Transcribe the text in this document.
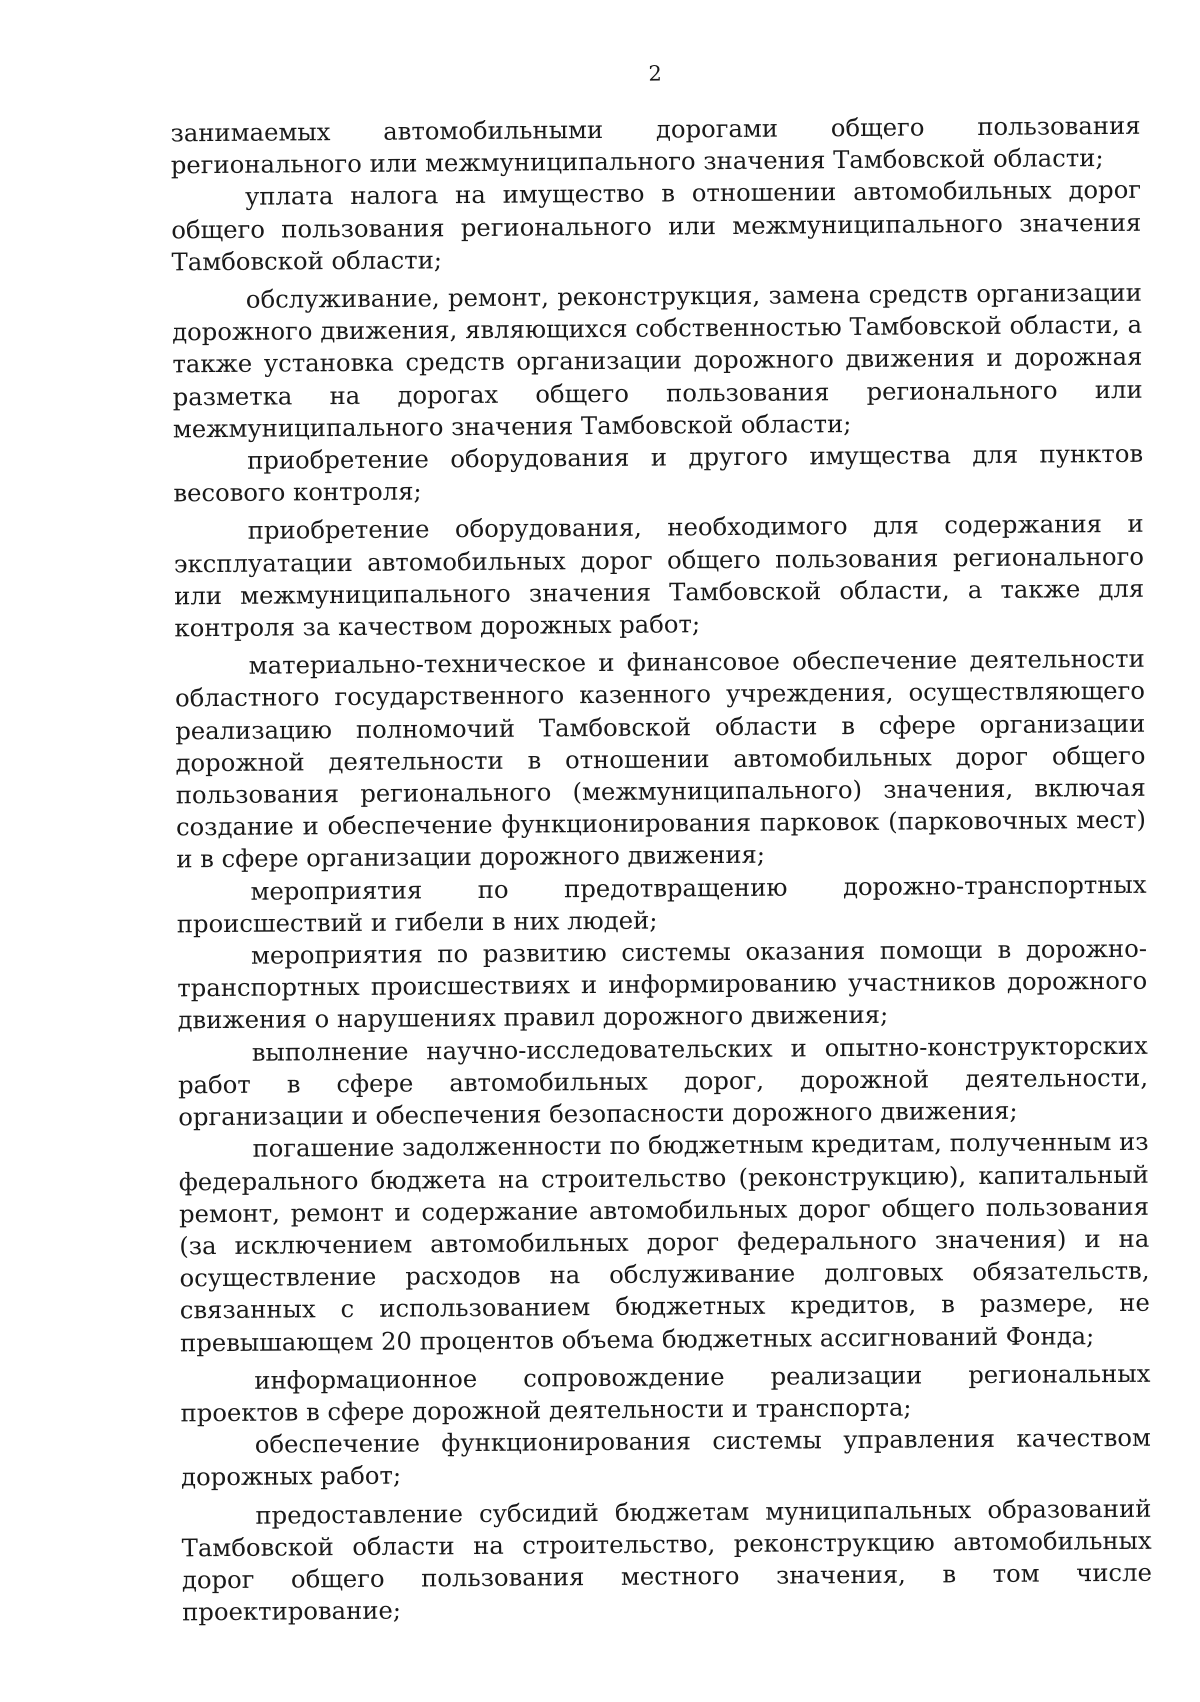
2

занимаемых автомобильными дорогами общего пользования регионального или межмуниципального значения Тамбовской области;

уплата налога на имущество в отношении автомобильных дорог общего пользования регионального или межмуниципального значения Тамбовской области;

обслуживание, ремонт, реконструкция, замена средств организации дорожного движения, являющихся собственностью Тамбовской области, а также установка средств организации дорожного движения и дорожная разметка на дорогах общего пользования регионального или межмуниципального значения Тамбовской области;

приобретение оборудования и другого имущества для пунктов весового контроля;

приобретение оборудования, необходимого для содержания и эксплуатации автомобильных дорог общего пользования регионального или межмуниципального значения Тамбовской области, а также для контроля за качеством дорожных работ;

материально-техническое и финансовое обеспечение деятельности областного государственного казенного учреждения, осуществляющего реализацию полномочий Тамбовской области в сфере организации дорожной деятельности в отношении автомобильных дорог общего пользования регионального (межмуниципального) значения, включая создание и обеспечение функционирования парковок (парковочных мест) и в сфере организации дорожного движения;

мероприятия по предотвращению дорожно-транспортных происшествий и гибели в них людей;

мероприятия по развитию системы оказания помощи в дорожно-транспортных происшествиях и информированию участников дорожного движения о нарушениях правил дорожного движения;

выполнение научно-исследовательских и опытно-конструкторских работ в сфере автомобильных дорог, дорожной деятельности, организации и обеспечения безопасности дорожного движения;

погашение задолженности по бюджетным кредитам, полученным из федерального бюджета на строительство (реконструкцию), капитальный ремонт, ремонт и содержание автомобильных дорог общего пользования (за исключением автомобильных дорог федерального значения) и на осуществление расходов на обслуживание долговых обязательств, связанных с использованием бюджетных кредитов, в размере, не превышающем 20 процентов объема бюджетных ассигнований Фонда;

информационное сопровождение реализации региональных проектов в сфере дорожной деятельности и транспорта;

обеспечение функционирования системы управления качеством дорожных работ;

предоставление субсидий бюджетам муниципальных образований Тамбовской области на строительство, реконструкцию автомобильных дорог общего пользования местного значения, в том числе проектирование;
